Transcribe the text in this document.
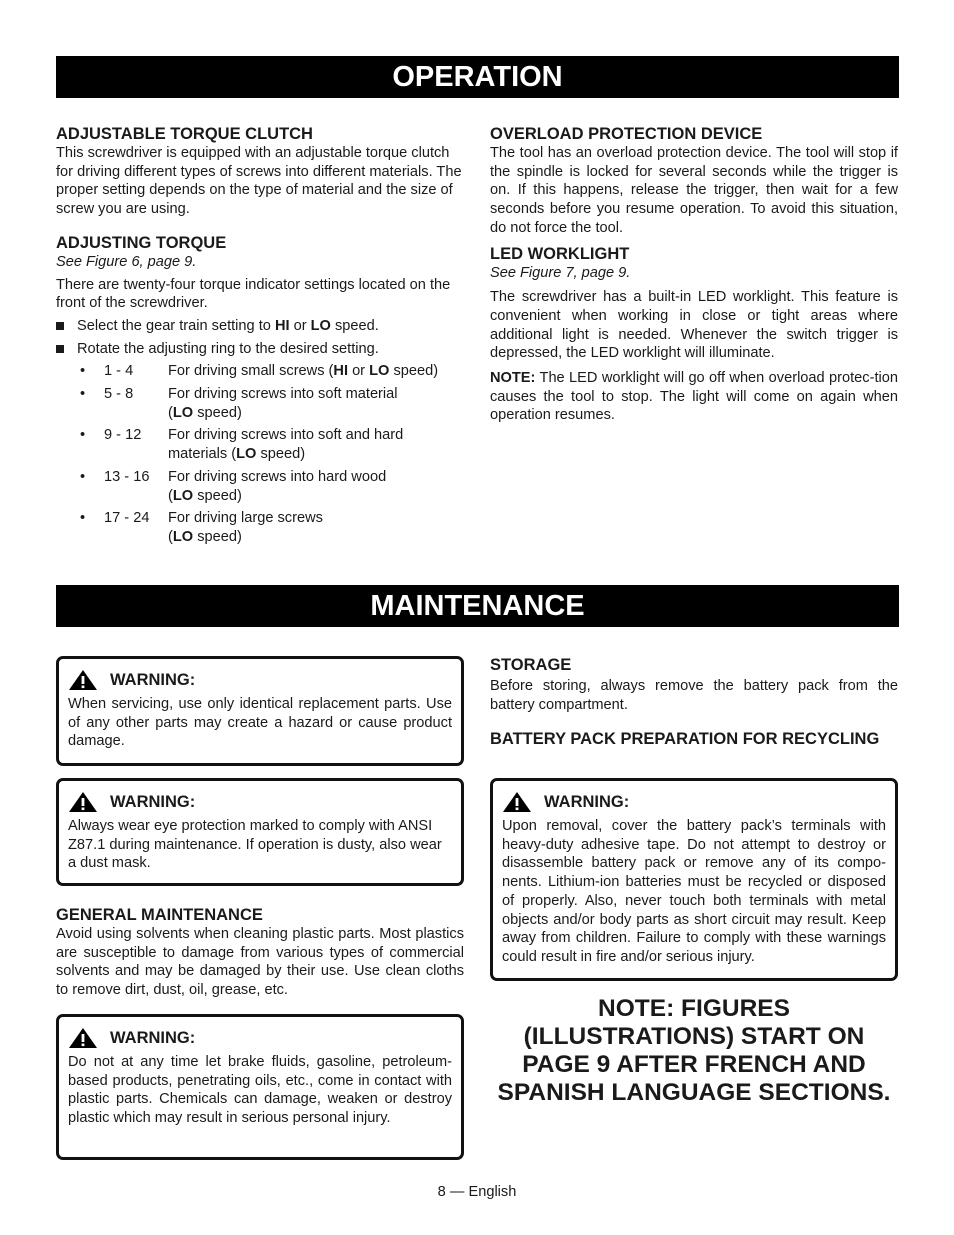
OPERATION
ADJUSTABLE TORQUE CLUTCH

This screwdriver is equipped with an adjustable torque clutch for driving different types of screws into different materials. The proper setting depends on the type of material and the size of screw you are using.

ADJUSTING TORQUE

See Figure 6, page 9.

There are twenty-four torque indicator settings located on the front of the screwdriver.

Select the gear train setting to HI or LO speed.
Rotate the adjusting ring to the desired setting.
•	1 - 4	For driving small screws (HI or LO speed)
•	5 - 8	For driving screws into soft material
(LO speed)
•	9 - 12	For driving screws into soft and hard
materials (LO speed)
•	13 - 16	For driving screws into hard wood
(LO speed)
•	17 - 24	For driving large screws
(LO speed)
OVERLOAD PROTECTION DEVICE

The tool has an overload protection device. The tool will stop if the spindle is locked for several seconds while the trigger is on. If this happens, release the trigger, then wait for a few seconds before you resume operation. To avoid this situation, do not force the tool.

LED WORKLIGHT

See Figure 7, page 9.

The screwdriver has a built-in LED worklight. This feature is convenient when working in close or tight areas where additional light is needed. Whenever the switch trigger is depressed, the LED worklight will illuminate.

NOTE: The LED worklight will go off when overload protec-tion causes the tool to stop. The light will come on again when operation resumes.

MAINTENANCE
WARNING:

When servicing, use only identical replacement parts. Use of any other parts may create a hazard or cause product damage.

WARNING:

Always wear eye protection marked to comply with ANSI Z87.1 during maintenance. If operation is dusty, also wear a dust mask.

GENERAL MAINTENANCE

Avoid using solvents when cleaning plastic parts. Most plastics are susceptible to damage from various types of commercial solvents and may be damaged by their use. Use clean cloths to remove dirt, dust, oil, grease, etc.

WARNING:

Do not at any time let brake fluids, gasoline, petroleum-based products, penetrating oils, etc., come in contact with plastic parts. Chemicals can damage, weaken or destroy plastic which may result in serious personal injury.

STORAGE

Before storing, always remove the battery pack from the battery compartment.

BATTERY PACK PREPARATION FOR RECYCLING
WARNING:

Upon removal, cover the battery pack’s terminals with heavy-duty adhesive tape. Do not attempt to destroy or disassemble battery pack or remove any of its compo-nents. Lithium-ion batteries must be recycled or disposed of properly. Also, never touch both terminals with metal objects and/or body parts as short circuit may result. Keep away from children. Failure to comply with these warnings could result in fire and/or serious injury.

NOTE: FIGURES (ILLUSTRATIONS) START ON PAGE 9 AFTER FRENCH AND SPANISH LANGUAGE SECTIONS.
8 — English
